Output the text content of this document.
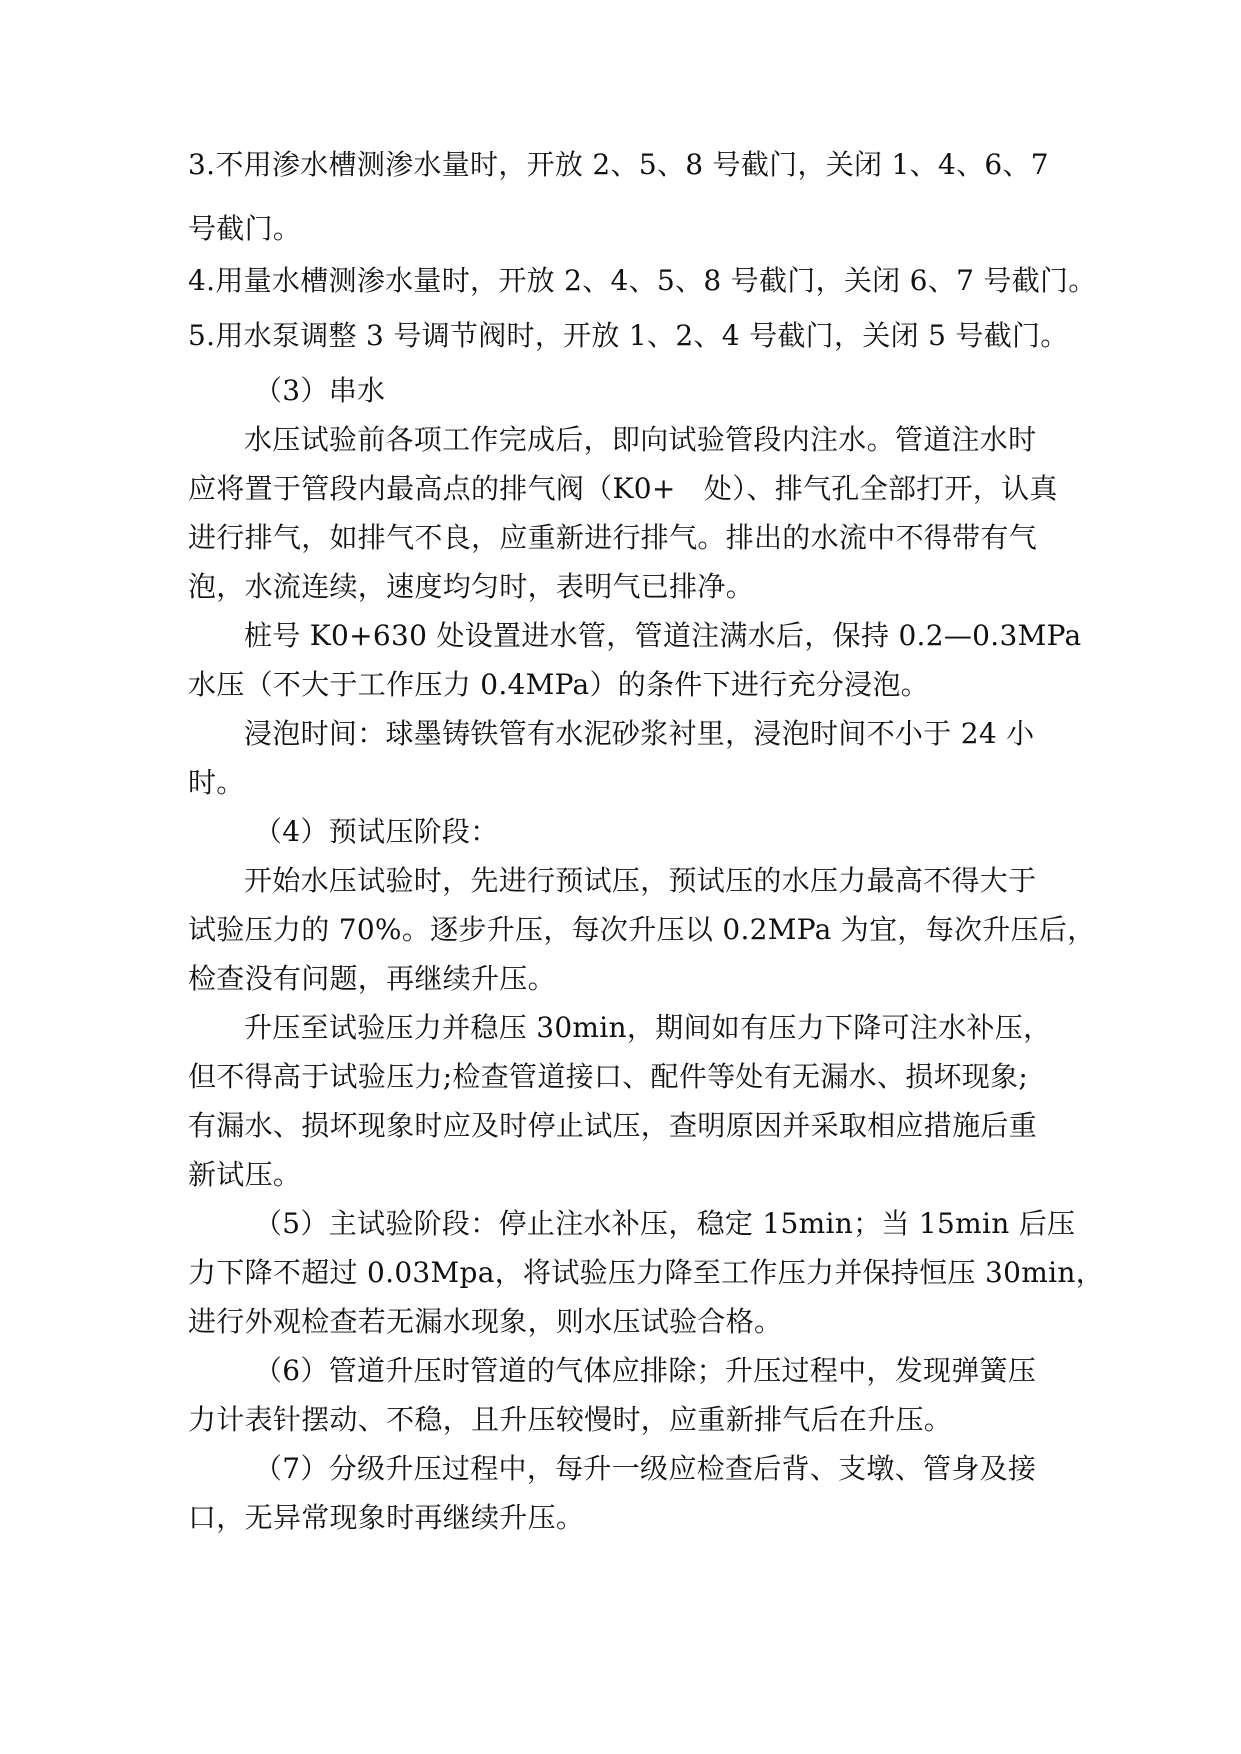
3.不用渗水槽测渗水量时，开放 2、5、8 号截门，关闭 1、4、6、7
号截门。
4.用量水槽测渗水量时，开放 2、4、5、8 号截门，关闭 6、7 号截门。
5.用水泵调整 3 号调节阀时，开放 1、2、4 号截门，关闭 5 号截门。
（3）串水
水压试验前各项工作完成后，即向试验管段内注水。管道注水时
应将置于管段内最高点的排气阀（K0+　处）、排气孔全部打开，认真
进行排气，如排气不良，应重新进行排气。排出的水流中不得带有气
泡，水流连续，速度均匀时，表明气已排净。
桩号 K0+630 处设置进水管，管道注满水后，保持 0.2—0.3MPa
水压（不大于工作压力 0.4MPa）的条件下进行充分浸泡。
浸泡时间：球墨铸铁管有水泥砂浆衬里，浸泡时间不小于 24 小
时。
（4）预试压阶段：
开始水压试验时，先进行预试压，预试压的水压力最高不得大于
试验压力的 70%。逐步升压，每次升压以 0.2MPa 为宜，每次升压后，
检查没有问题，再继续升压。
升压至试验压力并稳压 30min，期间如有压力下降可注水补压，
但不得高于试验压力;检查管道接口、配件等处有无漏水、损坏现象;
有漏水、损坏现象时应及时停止试压，查明原因并采取相应措施后重
新试压。
（5）主试验阶段：停止注水补压，稳定 15min；当 15min 后压
力下降不超过 0.03Mpa，将试验压力降至工作压力并保持恒压 30min，
进行外观检查若无漏水现象，则水压试验合格。
（6）管道升压时管道的气体应排除；升压过程中，发现弹簧压
力计表针摆动、不稳，且升压较慢时，应重新排气后在升压。
（7）分级升压过程中，每升一级应检查后背、支墩、管身及接
口，无异常现象时再继续升压。
